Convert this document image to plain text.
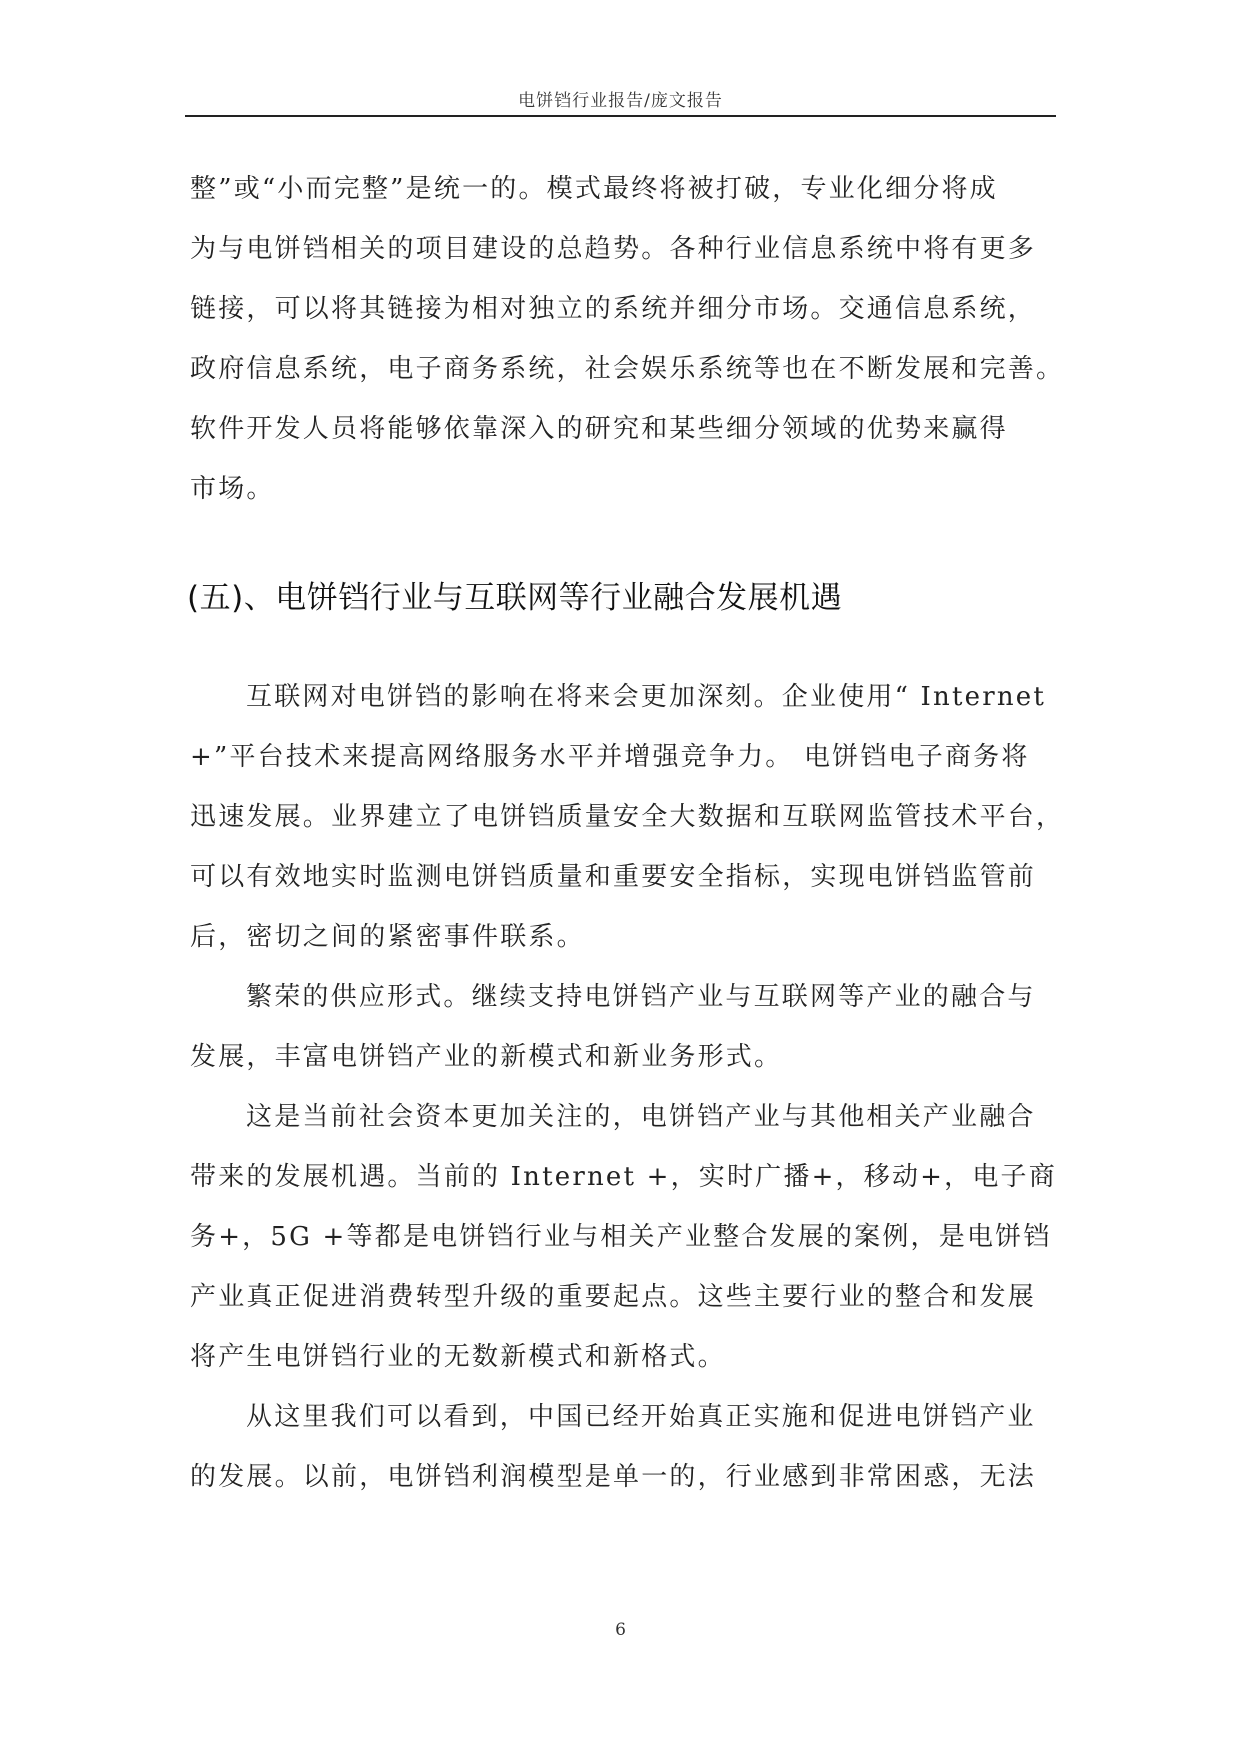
电饼铛行业报告/庞文报告

整”或“小而完整”是统一的。模式最终将被打破，专业化细分将成
为与电饼铛相关的项目建设的总趋势。各种行业信息系统中将有更多
链接，可以将其链接为相对独立的系统并细分市场。交通信息系统，
政府信息系统，电子商务系统，社会娱乐系统等也在不断发展和完善。
软件开发人员将能够依靠深入的研究和某些细分领域的优势来赢得
市场。

(五)、电饼铛行业与互联网等行业融合发展机遇

互联网对电饼铛的影响在将来会更加深刻。企业使用“ Internet
+”平台技术来提高网络服务水平并增强竞争力。 电饼铛电子商务将
迅速发展。业界建立了电饼铛质量安全大数据和互联网监管技术平台，
可以有效地实时监测电饼铛质量和重要安全指标，实现电饼铛监管前
后，密切之间的紧密事件联系。

繁荣的供应形式。继续支持电饼铛产业与互联网等产业的融合与
发展，丰富电饼铛产业的新模式和新业务形式。

这是当前社会资本更加关注的，电饼铛产业与其他相关产业融合
带来的发展机遇。当前的 Internet +，实时广播+，移动+，电子商
务+，5G +等都是电饼铛行业与相关产业整合发展的案例，是电饼铛
产业真正促进消费转型升级的重要起点。这些主要行业的整合和发展
将产生电饼铛行业的无数新模式和新格式。

从这里我们可以看到，中国已经开始真正实施和促进电饼铛产业
的发展。以前，电饼铛利润模型是单一的，行业感到非常困惑，无法

6
